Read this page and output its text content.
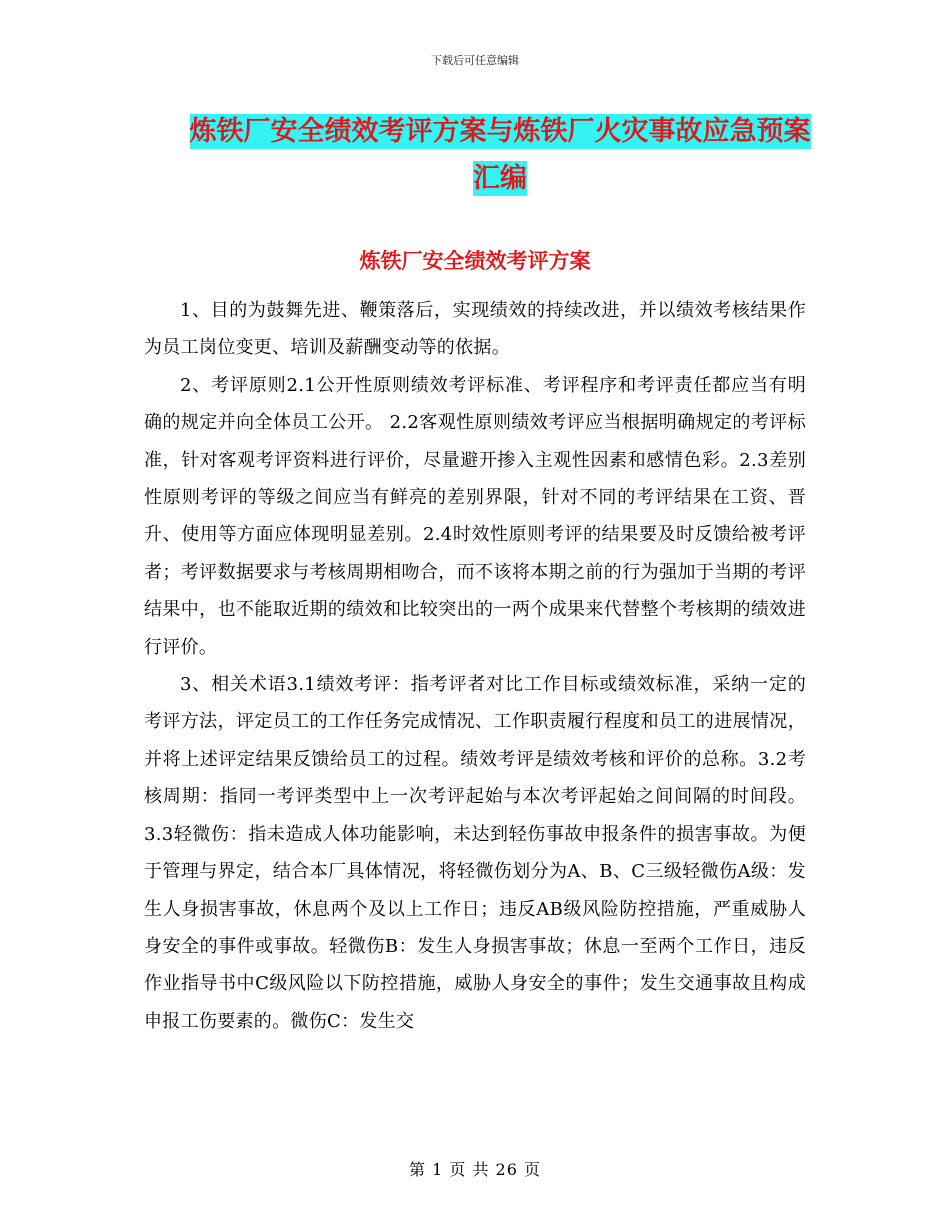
下载后可任意编辑
炼铁厂安全绩效考评方案与炼铁厂火灾事故应急预案
汇编
炼铁厂安全绩效考评方案

1、目的为鼓舞先进、鞭策落后，实现绩效的持续改进，并以绩效考核结果作为员工岗位变更、培训及薪酬变动等的依据。

2、考评原则2.1公开性原则绩效考评标准、考评程序和考评责任都应当有明确的规定并向全体员工公开。 2.2客观性原则绩效考评应当根据明确规定的考评标准，针对客观考评资料进行评价，尽量避开掺入主观性因素和感情色彩。2.3差别性原则考评的等级之间应当有鲜亮的差别界限，针对不同的考评结果在工资、晋升、使用等方面应体现明显差别。2.4时效性原则考评的结果要及时反馈给被考评者；考评数据要求与考核周期相吻合，而不该将本期之前的行为强加于当期的考评结果中，也不能取近期的绩效和比较突出的一两个成果来代替整个考核期的绩效进行评价。

3、相关术语3.1绩效考评：指考评者对比工作目标或绩效标准，采纳一定的考评方法，评定员工的工作任务完成情况、工作职责履行程度和员工的进展情况，并将上述评定结果反馈给员工的过程。绩效考评是绩效考核和评价的总称。3.2考核周期：指同一考评类型中上一次考评起始与本次考评起始之间间隔的时间段。3.3轻微伤：指未造成人体功能影响，未达到轻伤事故申报条件的损害事故。为便于管理与界定，结合本厂具体情况，将轻微伤划分为A、B、C三级轻微伤A级：发生人身损害事故，休息两个及以上工作日；违反AB级风险防控措施，严重威胁人身安全的事件或事故。轻微伤B：发生人身损害事故；休息一至两个工作日，违反作业指导书中C级风险以下防控措施，威胁人身安全的事件；发生交通事故且构成申报工伤要素的。微伤C：发生交

第 1 页 共 26 页
